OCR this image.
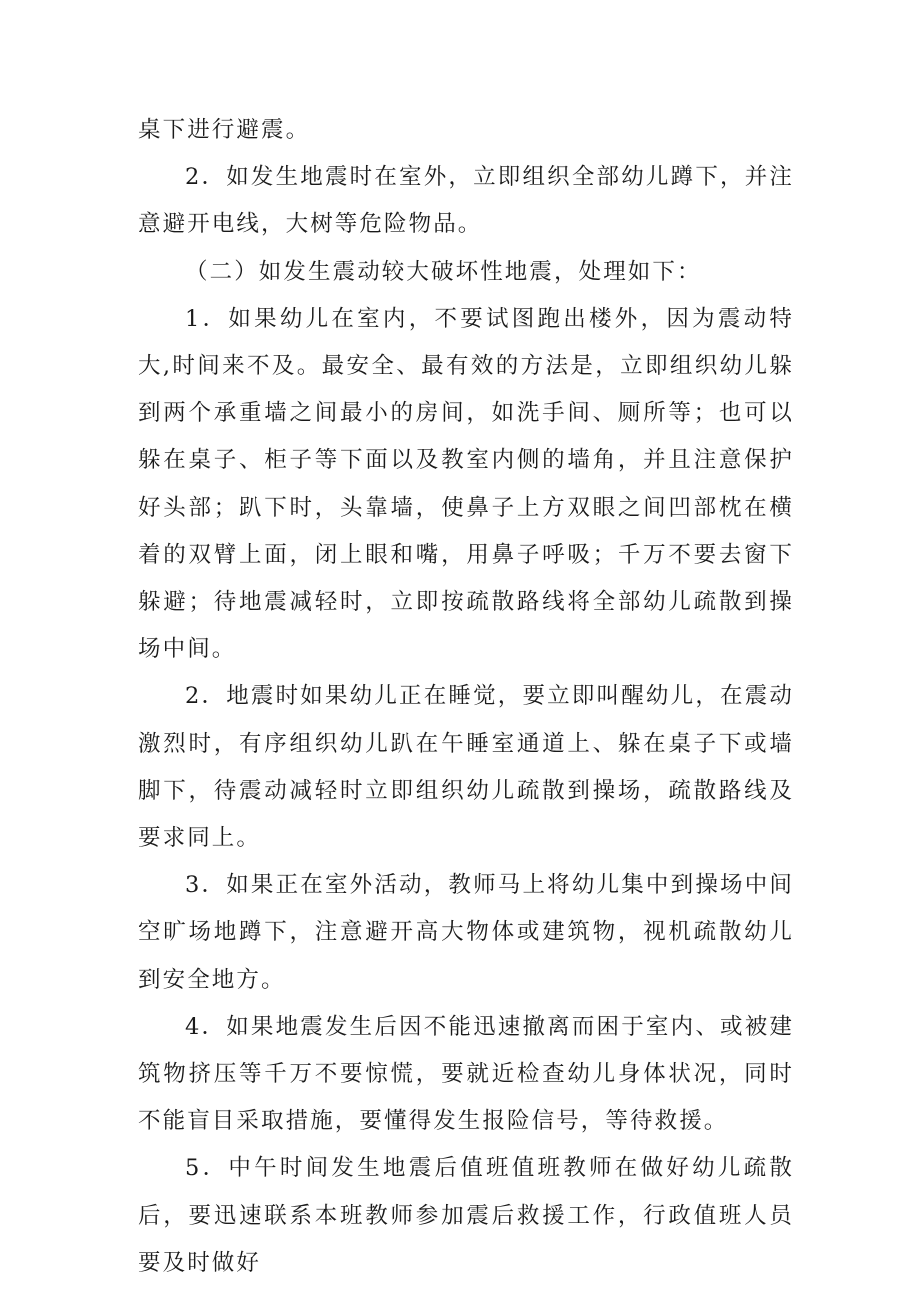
桌下进行避震。

2．如发生地震时在室外，立即组织全部幼儿蹲下，并注意避开电线，大树等危险物品。

（二）如发生震动较大破坏性地震，处理如下：

1．如果幼儿在室内，不要试图跑出楼外，因为震动特大,时间来不及。最安全、最有效的方法是，立即组织幼儿躲到两个承重墙之间最小的房间，如洗手间、厕所等；也可以躲在桌子、柜子等下面以及教室内侧的墙角，并且注意保护好头部；趴下时，头靠墙，使鼻子上方双眼之间凹部枕在横着的双臂上面，闭上眼和嘴，用鼻子呼吸；千万不要去窗下躲避；待地震减轻时，立即按疏散路线将全部幼儿疏散到操场中间。

2．地震时如果幼儿正在睡觉，要立即叫醒幼儿，在震动激烈时，有序组织幼儿趴在午睡室通道上、躲在桌子下或墙脚下，待震动减轻时立即组织幼儿疏散到操场，疏散路线及要求同上。

3．如果正在室外活动，教师马上将幼儿集中到操场中间空旷场地蹲下，注意避开高大物体或建筑物，视机疏散幼儿到安全地方。

4．如果地震发生后因不能迅速撤离而困于室内、或被建筑物挤压等千万不要惊慌，要就近检查幼儿身体状况，同时不能盲目采取措施，要懂得发生报险信号，等待救援。

5．中午时间发生地震后值班值班教师在做好幼儿疏散后，要迅速联系本班教师参加震后救援工作，行政值班人员要及时做好
